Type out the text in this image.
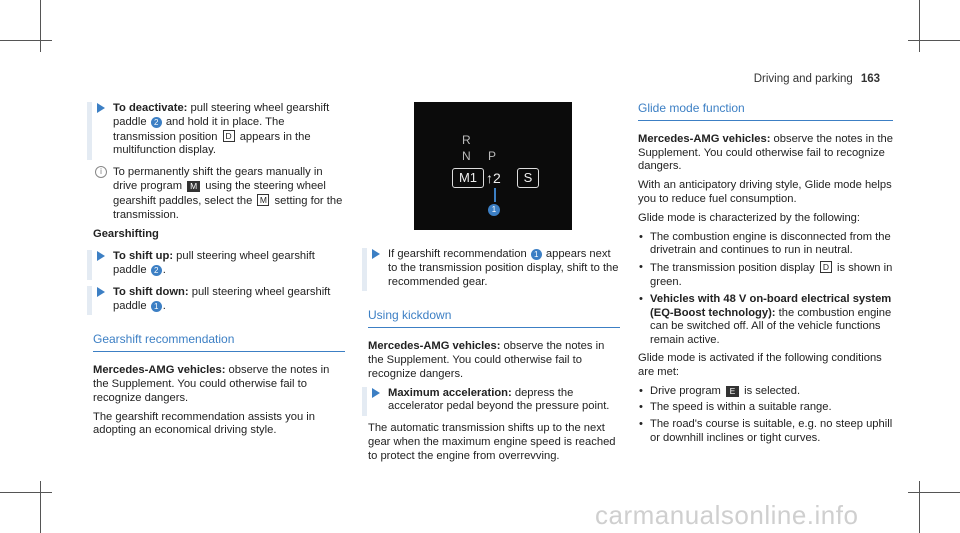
Driving and parking 163
To deactivate: pull steering wheel gearshift paddle 2 and hold it in place. The transmission position D appears in the multifunction display.
i To permanently shift the gears manually in drive program M using the steering wheel gearshift paddles, select the M setting for the transmission.
Gearshifting
To shift up: pull steering wheel gearshift paddle 2 .
To shift down: pull steering wheel gearshift paddle 1 .
Gearshift recommendation
Mercedes-AMG vehicles: observe the notes in the Supplement. You could otherwise fail to recognize dangers.
The gearshift recommendation assists you in adopting an economical driving style.
R
N P
M1 ↑2	S
1
If gearshift recommendation 1 appears next to the transmission position display, shift to the recommended gear.
Using kickdown
Mercedes-AMG vehicles: observe the notes in the Supplement. You could otherwise fail to recognize dangers.
Maximum acceleration: depress the accelerator pedal beyond the pressure point.
The automatic transmission shifts up to the next gear when the maximum engine speed is reached to protect the engine from overrevving.
Glide mode function
Mercedes-AMG vehicles: observe the notes in the Supplement. You could otherwise fail to recognize dangers.
With an anticipatory driving style, Glide mode helps you to reduce fuel consumption.
Glide mode is characterized by the following:
• The combustion engine is disconnected from the drivetrain and continues to run in neutral.
• The transmission position display D is shown in green.
• Vehicles with 48 V on-board electrical system (EQ-Boost technology): the combustion engine can be switched off. All of the vehicle functions remain active.
Glide mode is activated if the following conditions are met:
• Drive program E is selected.
• The speed is within a suitable range.
• The road's course is suitable, e.g. no steep uphill or downhill inclines or tight curves.
carmanualsonline.info
